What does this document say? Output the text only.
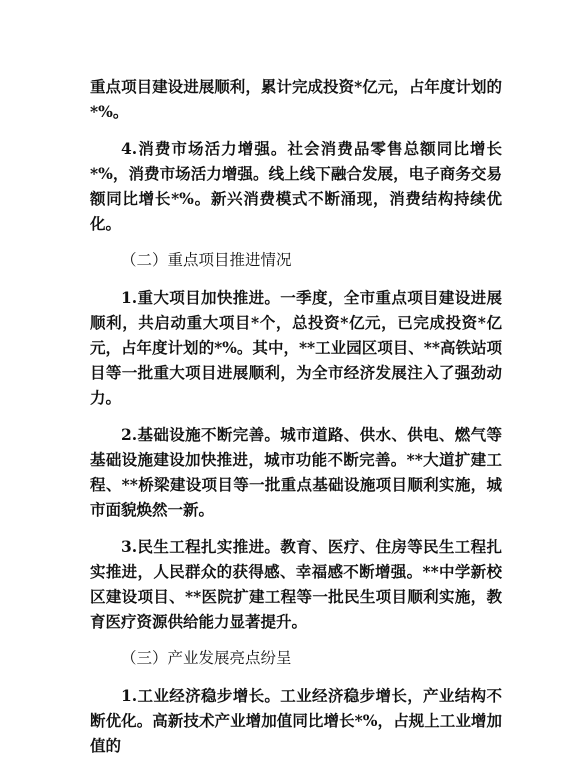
重点项目建设进展顺利，累计完成投资*亿元，占年度计划的*%。

4.消费市场活力增强。社会消费品零售总额同比增长*%，消费市场活力增强。线上线下融合发展，电子商务交易额同比增长*%。新兴消费模式不断涌现，消费结构持续优化。

（二）重点项目推进情况

1.重大项目加快推进。一季度，全市重点项目建设进展顺利，共启动重大项目*个，总投资*亿元，已完成投资*亿元，占年度计划的*%。其中，**工业园区项目、**高铁站项目等一批重大项目进展顺利，为全市经济发展注入了强劲动力。

2.基础设施不断完善。城市道路、供水、供电、燃气等基础设施建设加快推进，城市功能不断完善。**大道扩建工程、**桥梁建设项目等一批重点基础设施项目顺利实施，城市面貌焕然一新。

3.民生工程扎实推进。教育、医疗、住房等民生工程扎实推进，人民群众的获得感、幸福感不断增强。**中学新校区建设项目、**医院扩建工程等一批民生项目顺利实施，教育医疗资源供给能力显著提升。

（三）产业发展亮点纷呈

1.工业经济稳步增长。工业经济稳步增长，产业结构不断优化。高新技术产业增加值同比增长*%，占规上工业增加值的
